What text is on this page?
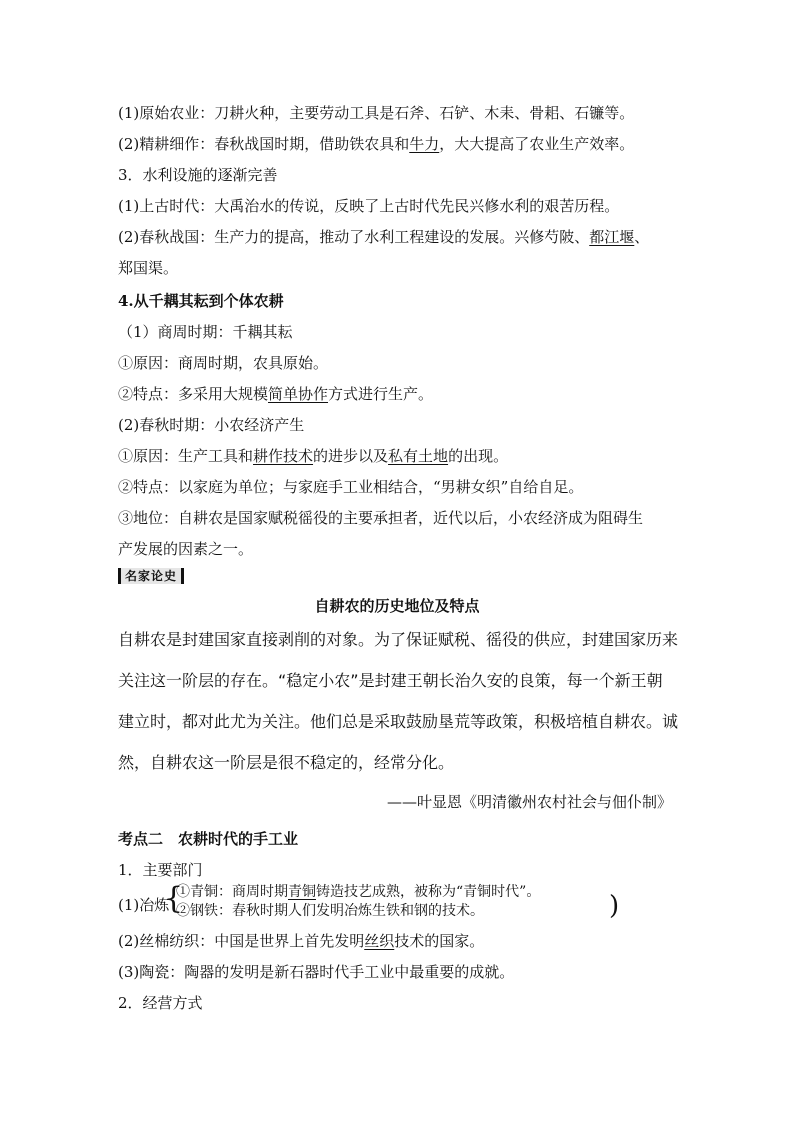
(1)原始农业：刀耕火种，主要劳动工具是石斧、石铲、木耒、骨耜、石镰等。
(2)精耕细作：春秋战国时期，借助铁农具和牛力，大大提高了农业生产效率。
3．水利设施的逐渐完善
(1)上古时代：大禹治水的传说，反映了上古时代先民兴修水利的艰苦历程。
(2)春秋战国：生产力的提高，推动了水利工程建设的发展。兴修芍陂、都江堰、
郑国渠。
4.从千耦其耘到个体农耕
（1）商周时期：千耦其耘
①原因：商周时期，农具原始。
②特点：多采用大规模简单协作方式进行生产。
(2)春秋时期：小农经济产生
①原因：生产工具和耕作技术的进步以及私有土地的出现。
②特点：以家庭为单位；与家庭手工业相结合，“男耕女织”自给自足。
③地位：自耕农是国家赋税徭役的主要承担者，近代以后，小农经济成为阻碍生
产发展的因素之一。
名家论史
自耕农的历史地位及特点
自耕农是封建国家直接剥削的对象。为了保证赋税、徭役的供应，封建国家历来
关注这一阶层的存在。“稳定小农”是封建王朝长治久安的良策，每一个新王朝
建立时，都对此尤为关注。他们总是采取鼓励垦荒等政策，积极培植自耕农。诚
然，自耕农这一阶层是很不稳定的，经常分化。
——叶显恩《明清徽州农村社会与佃仆制》
考点二　农耕时代的手工业
1．主要部门
(1)冶炼
{
①青铜：商周时期青铜铸造技艺成熟，被称为“青铜时代”。
②钢铁：春秋时期人们发明冶炼生铁和钢的技术。	)
(2)丝棉纺织：中国是世界上首先发明丝织技术的国家。
(3)陶瓷：陶器的发明是新石器时代手工业中最重要的成就。
2．经营方式
